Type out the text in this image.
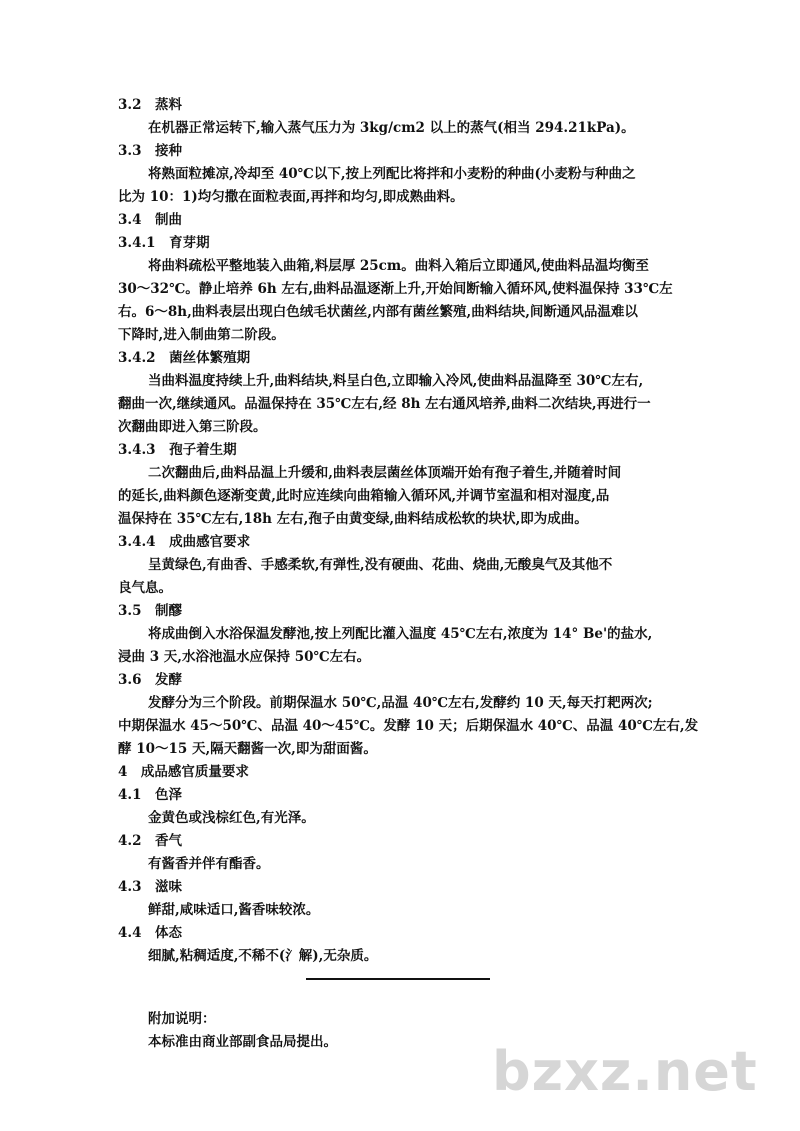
3.2　蒸料
在机器正常运转下,输入蒸气压力为 3kg/cm2 以上的蒸气(相当 294.21kPa)。
3.3　接种
将熟面粒摊凉,冷却至 40℃以下,按上列配比将拌和小麦粉的种曲(小麦粉与种曲之
比为 10：1)均匀撒在面粒表面,再拌和均匀,即成熟曲料。
3.4　制曲
3.4.1　育芽期
将曲料疏松平整地装入曲箱,料层厚 25cm。曲料入箱后立即通风,使曲料品温均衡至
30～32℃。静止培养 6h 左右,曲料品温逐渐上升,开始间断输入循环风,使料温保持 33℃左
右。6～8h,曲料表层出现白色绒毛状菌丝,内部有菌丝繁殖,曲料结块,间断通风品温难以
下降时,进入制曲第二阶段。
3.4.2　菌丝体繁殖期
当曲料温度持续上升,曲料结块,料呈白色,立即输入冷风,使曲料品温降至 30℃左右,
翻曲一次,继续通风。品温保持在 35℃左右,经 8h 左右通风培养,曲料二次结块,再进行一
次翻曲即进入第三阶段。
3.4.3　孢子着生期
二次翻曲后,曲料品温上升缓和,曲料表层菌丝体顶端开始有孢子着生,并随着时间
的延长,曲料颜色逐渐变黄,此时应连续向曲箱输入循环风,并调节室温和相对湿度,品
温保持在 35℃左右,18h 左右,孢子由黄变绿,曲料结成松软的块状,即为成曲。
3.4.4　成曲感官要求
呈黄绿色,有曲香、手感柔软,有弹性,没有硬曲、花曲、烧曲,无酸臭气及其他不
良气息。
3.5　制醪
将成曲倒入水浴保温发酵池,按上列配比灌入温度 45℃左右,浓度为 14° Be'的盐水,
浸曲 3 天,水浴池温水应保持 50℃左右。
3.6　发酵
发酵分为三个阶段。前期保温水 50℃,品温 40℃左右,发酵约 10 天,每天打耙两次;
中期保温水 45～50℃、品温 40～45℃。发酵 10 天；后期保温水 40℃、品温 40℃左右,发
酵 10～15 天,隔天翻酱一次,即为甜面酱。
4　成品感官质量要求
4.1　色泽
金黄色或浅棕红色,有光泽。
4.2　香气
有酱香并伴有酯香。
4.3　滋味
鲜甜,咸味适口,酱香味较浓。
4.4　体态
细腻,粘稠适度,不稀不(氵解),无杂质。
附加说明：
本标准由商业部副食品局提出。	bzxz.net
